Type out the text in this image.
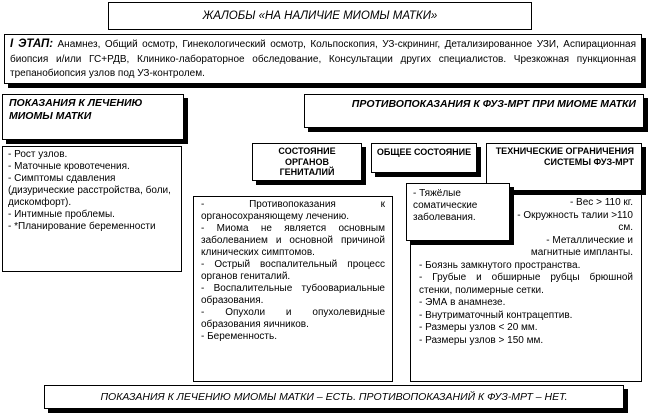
ЖАЛОБЫ «НА НАЛИЧИЕ МИОМЫ МАТКИ»
I ЭТАП: Анамнез, Общий осмотр, Гинекологический осмотр, Кольпоскопия, УЗ-скрининг, Детализированное УЗИ, Аспирационная биопсия и/или ГС+РДВ, Клинико-лабораторное обследование, Консультации других специалистов. Чрезкожная пункционная трепанобиопсия узлов под УЗ-контролем.
ПОКАЗАНИЯ К ЛЕЧЕНИЮ МИОМЫ МАТКИ
ПРОТИВОПОКАЗАНИЯ К ФУЗ-МРТ ПРИ МИОМЕ МАТКИ
- Рост узлов.
- Маточные кровотечения.
- Симптомы сдавления (дизурические расстройства, боли, дискомфорт).
- Интимные проблемы.
- *Планирование беременности
СОСТОЯНИЕ ОРГАНОВ ГЕНИТАЛИЙ
ОБЩЕЕ СОСТОЯНИЕ	ТЕХНИЧЕСКИЕ ОГРАНИЧЕНИЯ СИСТЕМЫ ФУЗ-МРТ
- Противопоказания к органосохраняющему лечению.
- Миома не является основным заболеванием и основной причиной клинических симптомов.
- Острый воспалительный процесс органов гениталий.
- Воспалительные тубоовариальные образования.
- Опухоли и опухолевидные образования яичников.
- Беременность.
- Вес > 110 кг.
- Окружность талии >110 см.
- Металлические и магнитные импланты.
- Боязнь замкнутого пространства.
- Грубые и обширные рубцы брюшной стенки, полимерные сетки.
- ЭМА в анамнезе.
- Внутриматочный контрацептив.
- Размеры узлов < 20 мм.
- Размеры узлов > 150 мм.
- Тяжёлые соматические заболевания.
ПОКАЗАНИЯ К ЛЕЧЕНИЮ МИОМЫ МАТКИ – ЕСТЬ. ПРОТИВОПОКАЗАНИЙ К ФУЗ-МРТ – НЕТ.
